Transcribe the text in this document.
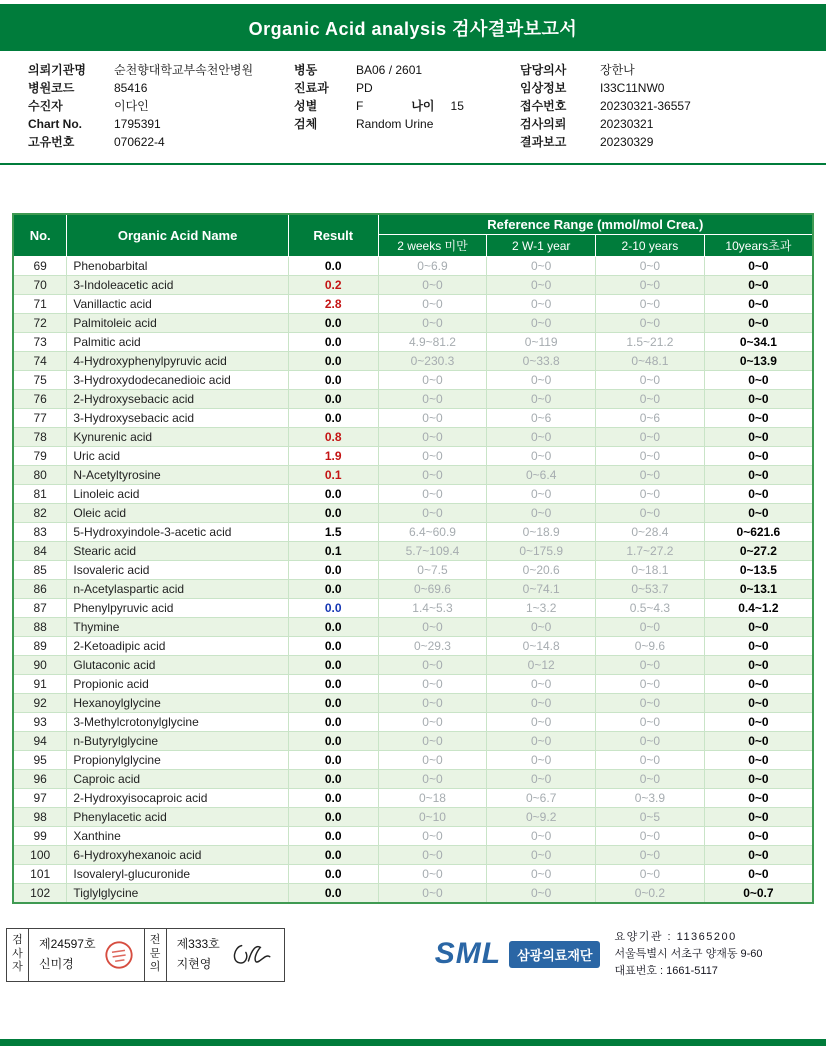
Organic Acid analysis 검사결과보고서
의뢰기관명	순천향대학교부속천안병원
병원코드	85416
수진자	이다인
Chart No.	1795391
고유번호	070622-4
병동	BA06 / 2601
진료과	PD
성별	F	나이 15
검체	Random Urine
담당의사	장한나
임상정보	I33C11NW0
접수번호	20230321-36557
검사의뢰	20230321
결과보고	20230329
No.	Organic Acid Name	Result	Reference Range (mmol/mol Crea.)			
			2 weeks 미만	2 W-1 year	2-10 years	10years초과
69	Phenobarbital	0.0	0~6.9	0~0	0~0	0~0
70	3-Indoleacetic acid	0.2	0~0	0~0	0~0	0~0
71	Vanillactic acid	2.8	0~0	0~0	0~0	0~0
72	Palmitoleic acid	0.0	0~0	0~0	0~0	0~0
73	Palmitic acid	0.0	4.9~81.2	0~119	1.5~21.2	0~34.1
74	4-Hydroxyphenylpyruvic acid	0.0	0~230.3	0~33.8	0~48.1	0~13.9
75	3-Hydroxydodecanedioic acid	0.0	0~0	0~0	0~0	0~0
76	2-Hydroxysebacic acid	0.0	0~0	0~0	0~0	0~0
77	3-Hydroxysebacic acid	0.0	0~0	0~6	0~6	0~0
78	Kynurenic acid	0.8	0~0	0~0	0~0	0~0
79	Uric acid	1.9	0~0	0~0	0~0	0~0
80	N-Acetyltyrosine	0.1	0~0	0~6.4	0~0	0~0
81	Linoleic acid	0.0	0~0	0~0	0~0	0~0
82	Oleic acid	0.0	0~0	0~0	0~0	0~0
83	5-Hydroxyindole-3-acetic acid	1.5	6.4~60.9	0~18.9	0~28.4	0~621.6
84	Stearic acid	0.1	5.7~109.4	0~175.9	1.7~27.2	0~27.2
85	Isovaleric acid	0.0	0~7.5	0~20.6	0~18.1	0~13.5
86	n-Acetylaspartic acid	0.0	0~69.6	0~74.1	0~53.7	0~13.1
87	Phenylpyruvic acid	0.0	1.4~5.3	1~3.2	0.5~4.3	0.4~1.2
88	Thymine	0.0	0~0	0~0	0~0	0~0
89	2-Ketoadipic acid	0.0	0~29.3	0~14.8	0~9.6	0~0
90	Glutaconic acid	0.0	0~0	0~12	0~0	0~0
91	Propionic acid	0.0	0~0	0~0	0~0	0~0
92	Hexanoylglycine	0.0	0~0	0~0	0~0	0~0
93	3-Methylcrotonylglycine	0.0	0~0	0~0	0~0	0~0
94	n-Butyrylglycine	0.0	0~0	0~0	0~0	0~0
95	Propionylglycine	0.0	0~0	0~0	0~0	0~0
96	Caproic acid	0.0	0~0	0~0	0~0	0~0
97	2-Hydroxyisocaproic acid	0.0	0~18	0~6.7	0~3.9	0~0
98	Phenylacetic acid	0.0	0~10	0~9.2	0~5	0~0
99	Xanthine	0.0	0~0	0~0	0~0	0~0
100	6-Hydroxyhexanoic acid	0.0	0~0	0~0	0~0	0~0
101	Isovaleryl-glucuronide	0.0	0~0	0~0	0~0	0~0
102	Tiglylglycine	0.0	0~0	0~0	0~0.2	0~0.7
검사자
제24597호
신미경
전문의
제333호
지현영	SML	삼광의료재단
요양기관 : 11365200
서울특별시 서초구 양재동 9-60
대표번호 : 1661-5117
